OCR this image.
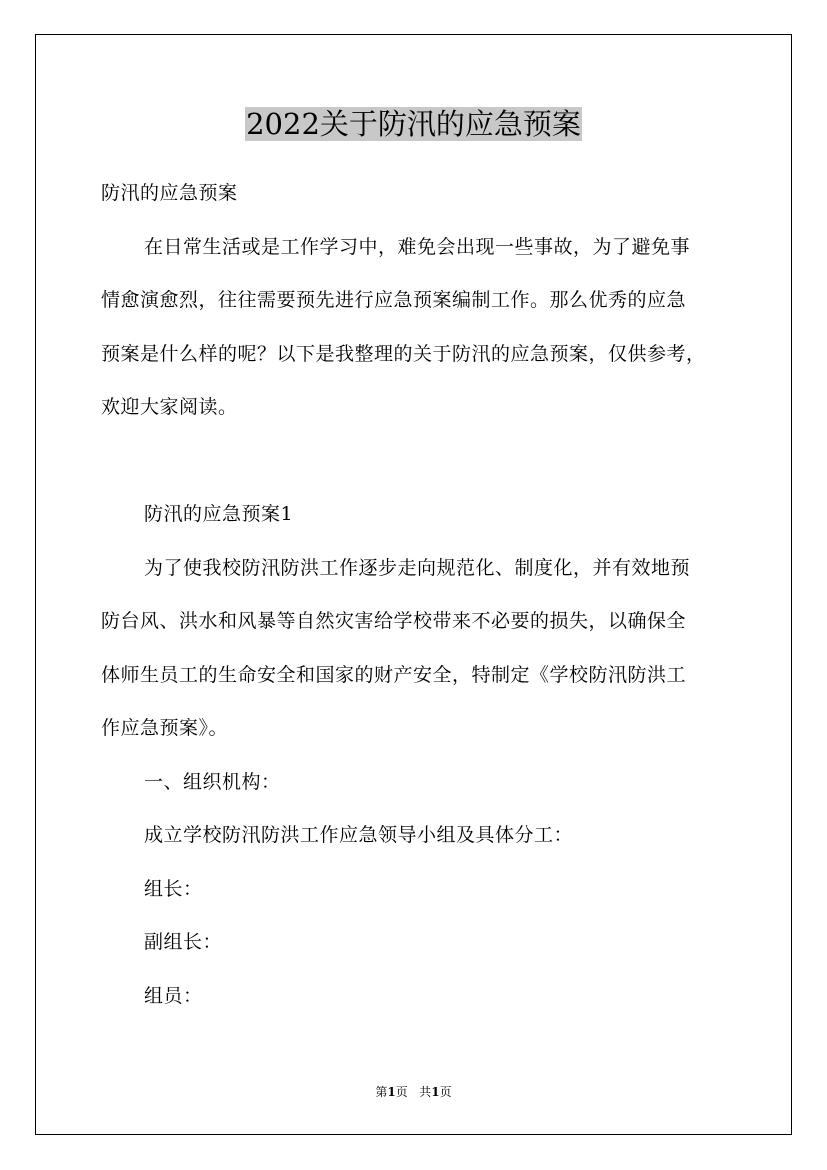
2022关于防汛的应急预案
防汛的应急预案
在日常生活或是工作学习中，难免会出现一些事故，为了避免事
情愈演愈烈，往往需要预先进行应急预案编制工作。那么优秀的应急
预案是什么样的呢？以下是我整理的关于防汛的应急预案，仅供参考，
欢迎大家阅读。
防汛的应急预案1
为了使我校防汛防洪工作逐步走向规范化、制度化，并有效地预
防台风、洪水和风暴等自然灾害给学校带来不必要的损失，以确保全
体师生员工的生命安全和国家的财产安全，特制定《学校防汛防洪工
作应急预案》。
一、组织机构：
成立学校防汛防洪工作应急领导小组及具体分工：
组长：
副组长：
组员：
第1页   共1页
